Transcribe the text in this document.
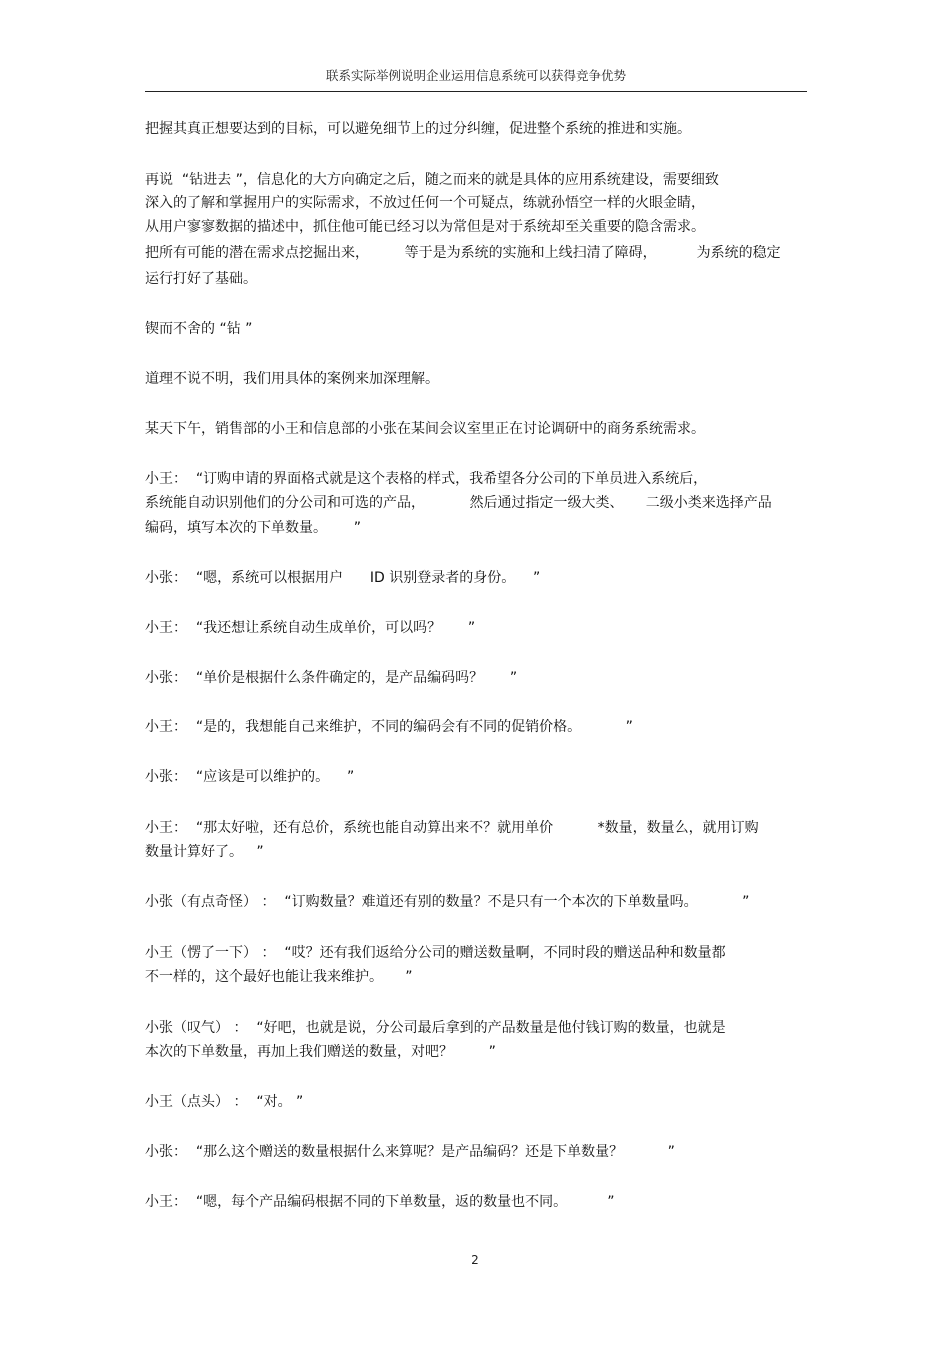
联系实际举例说明企业运用信息系统可以获得竞争优势
把握其真正想要达到的目标，可以避免细节上的过分纠缠，促进整个系统的推进和实施。
再说  “钻进去 ”，信息化的大方向确定之后，随之而来的就是具体的应用系统建设，需要细致
深入的了解和掌握用户的实际需求，不放过任何一个可疑点，练就孙悟空一样的火眼金睛，
从用户寥寥数据的描述中，抓住他可能已经习以为常但是对于系统却至关重要的隐含需求。
把所有可能的潜在需求点挖掘出来，        等于是为系统的实施和上线扫清了障碍，         为系统的稳定
运行打好了基础。
锲而不舍的 “钻 ”
道理不说不明，我们用具体的案例来加深理解。
某天下午，销售部的小王和信息部的小张在某间会议室里正在讨论调研中的商务系统需求。
小王：  “订购申请的界面格式就是这个表格的样式，我希望各分公司的下单员进入系统后，
系统能自动识别他们的分公司和可选的产品，          然后通过指定一级大类、     二级小类来选择产品
编码，填写本次的下单数量。      ”
小张：  “嗯，系统可以根据用户      ID 识别登录者的身份。    ”
小王：  “我还想让系统自动生成单价，可以吗？      ”
小张：  “单价是根据什么条件确定的，是产品编码吗？      ”
小王：  “是的，我想能自己来维护，不同的编码会有不同的促销价格。          ”
小张：  “应该是可以维护的。    ”
小王：  “那太好啦，还有总价，系统也能自动算出来不？就用单价          *数量，数量么，就用订购
数量计算好了。   ”
小张（有点奇怪） ：  “订购数量？难道还有别的数量？不是只有一个本次的下单数量吗。          ”
小王（愣了一下） ：  “哎？还有我们返给分公司的赠送数量啊，不同时段的赠送品种和数量都
不一样的，这个最好也能让我来维护。     ”
小张（叹气） ：  “好吧，也就是说，分公司最后拿到的产品数量是他付钱订购的数量，也就是
本次的下单数量，再加上我们赠送的数量，对吧？        ”
小王（点头） ：  “对。 ”
小张：  “那么这个赠送的数量根据什么来算呢？是产品编码？还是下单数量？          ”
小王：  “嗯，每个产品编码根据不同的下单数量，返的数量也不同。         ”
2
